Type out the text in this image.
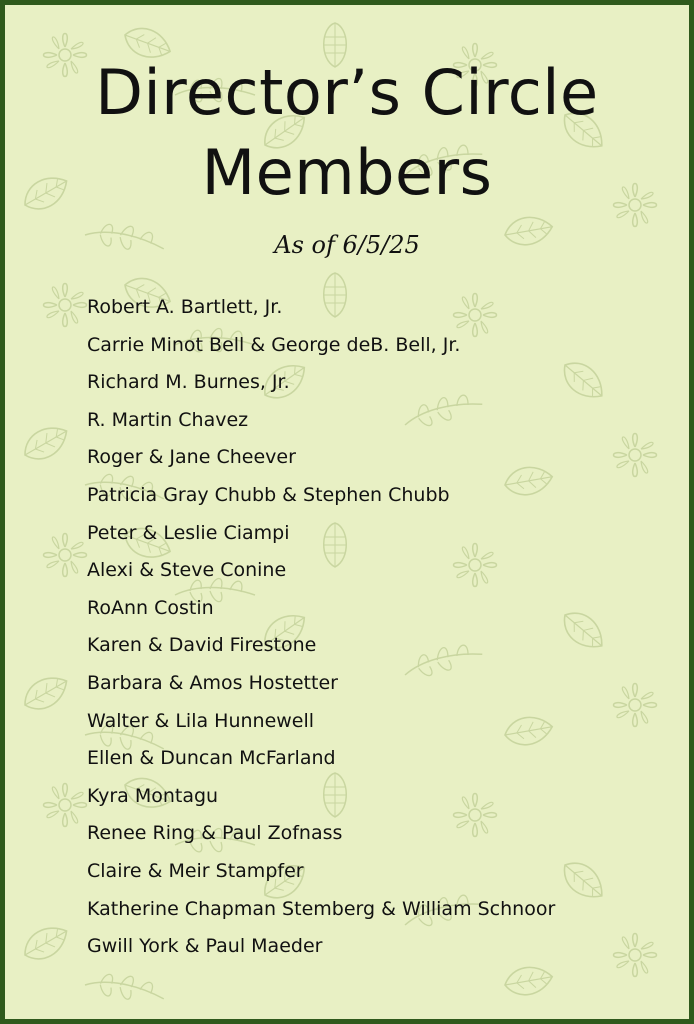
Director’s Circle
Members
As of 6/5/25
Robert A. Bartlett, Jr.
Carrie Minot Bell & George deB. Bell, Jr.
Richard M. Burnes, Jr.
R. Martin Chavez
Roger & Jane Cheever
Patricia Gray Chubb & Stephen Chubb
Peter & Leslie Ciampi
Alexi & Steve Conine
RoAnn Costin
Karen & David Firestone
Barbara & Amos Hostetter
Walter & Lila Hunnewell
Ellen & Duncan McFarland
Kyra Montagu
Renee Ring & Paul Zofnass
Claire & Meir Stampfer
Katherine Chapman Stemberg & William Schnoor
Gwill York & Paul Maeder
